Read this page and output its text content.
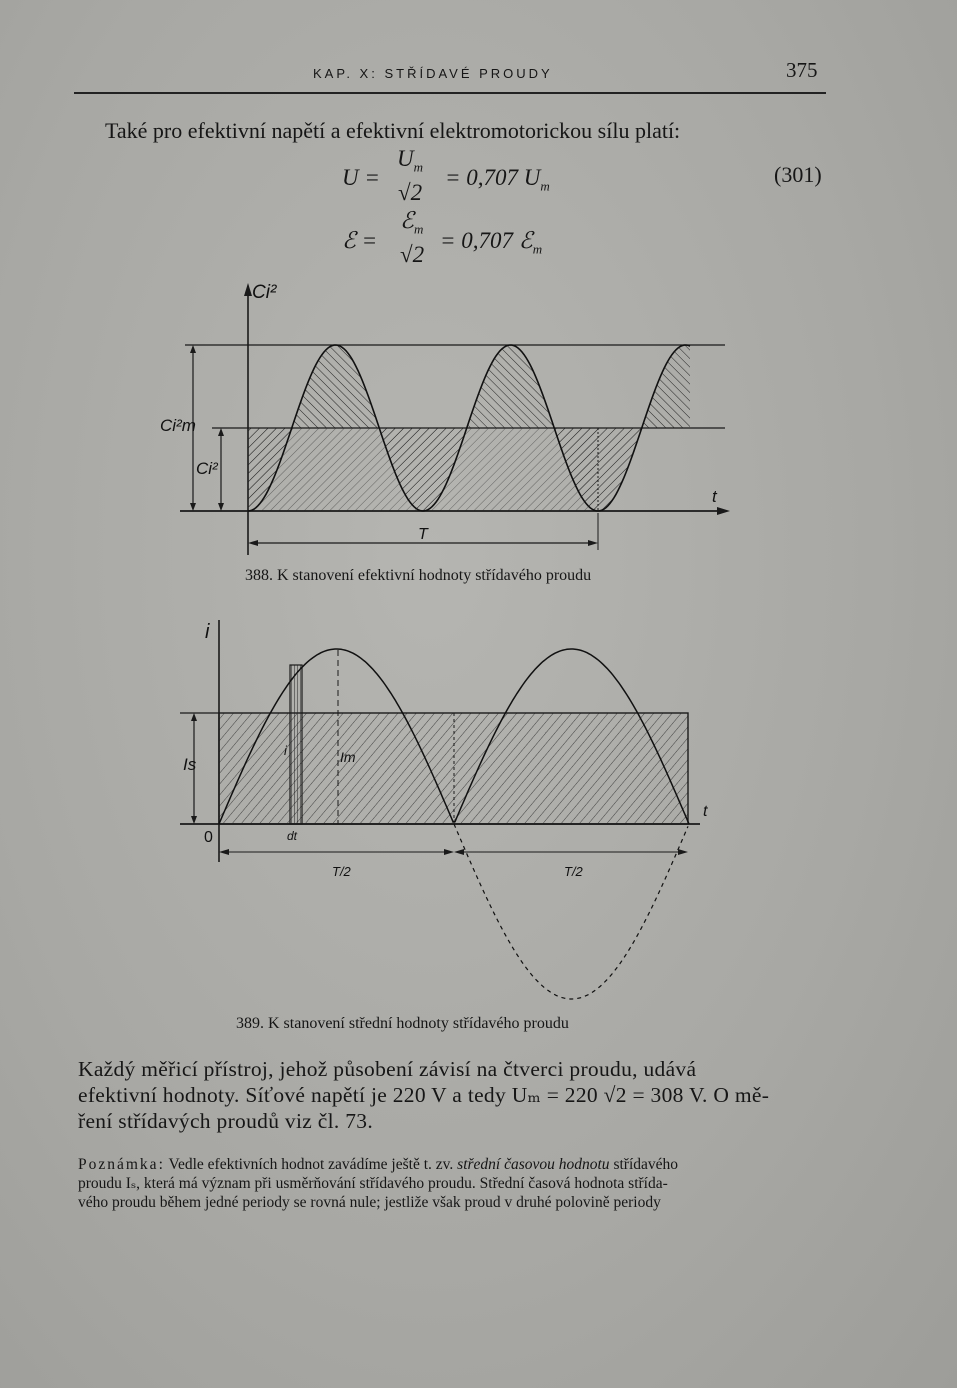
KAP. X: STŘÍDAVÉ PROUDY	375
Také pro efektivní napětí a efektivní elektromotorickou sílu platí:
U =
$U_m$
√2
= 0,707 $U_m$	(301)
ℰ =
ℰ$_m$
√2
= 0,707 ℰ$_m$
Ci²
Ci²m
Ci²
t
T
i
Is
i	Im
t
0	dt
T/2	T/2
388. K stanovení efektivní hodnoty střídavého proudu
389. K stanovení střední hodnoty střídavého proudu
Každý měřicí přístroj, jehož působení závisí na čtverci proudu, udává
efektivní hodnoty. Síťové napětí je 220 V a tedy Uₘ = 220 √2 = 308 V. O mě-
ření střídavých proudů viz čl. 73.
Poznámka: Vedle efektivních hodnot zavádíme ještě t. zv. střední časovou hodnotu střídavého
proudu Iₛ, která má význam při usměrňování střídavého proudu. Střední časová hodnota střída-
vého proudu během jedné periody se rovná nule; jestliže však proud v druhé polovině periody
